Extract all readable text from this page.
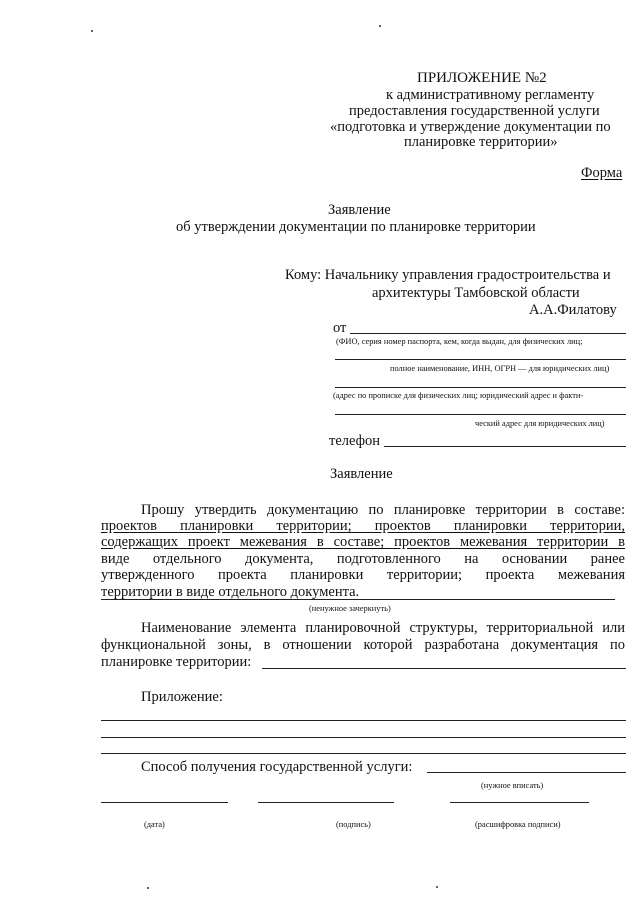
ПРИЛОЖЕНИЕ №2
к административному регламенту
предоставления государственной услуги
«подготовка и утверждение документации по
планировке территории»
Форма
Заявление
об утверждении документации по планировке территории
Кому: Начальнику управления градостроительства и
архитектуры Тамбовской области
А.А.Филатову
от
(ФИО, серия номер паспорта, кем, когда выдан, для физических лиц;
полное наименование, ИНН, ОГРН — для юридических лиц)
(адрес по прописке для физических лиц; юридический адрес и факти-
ческий адрес для юридических лиц)
телефон
Заявление
Прошу утвердить документацию по планировке территории в составе:
проектов планировки территории; проектов планировки территории,
содержащих проект межевания в составе; проектов межевания территории в
виде отдельного документа, подготовленного на основании ранее
утвержденного проекта планировки территории; проекта межевания
территории в виде отдельного документа.
(ненужное зачеркнуть)
Наименование элемента планировочной структуры, территориальной или
функциональной зоны, в отношении которой разработана документация по
планировке территории:
Приложение:
Способ получения государственной услуги:
(нужное вписать)
(дата)	(подпись)	(расшифровка подписи)
